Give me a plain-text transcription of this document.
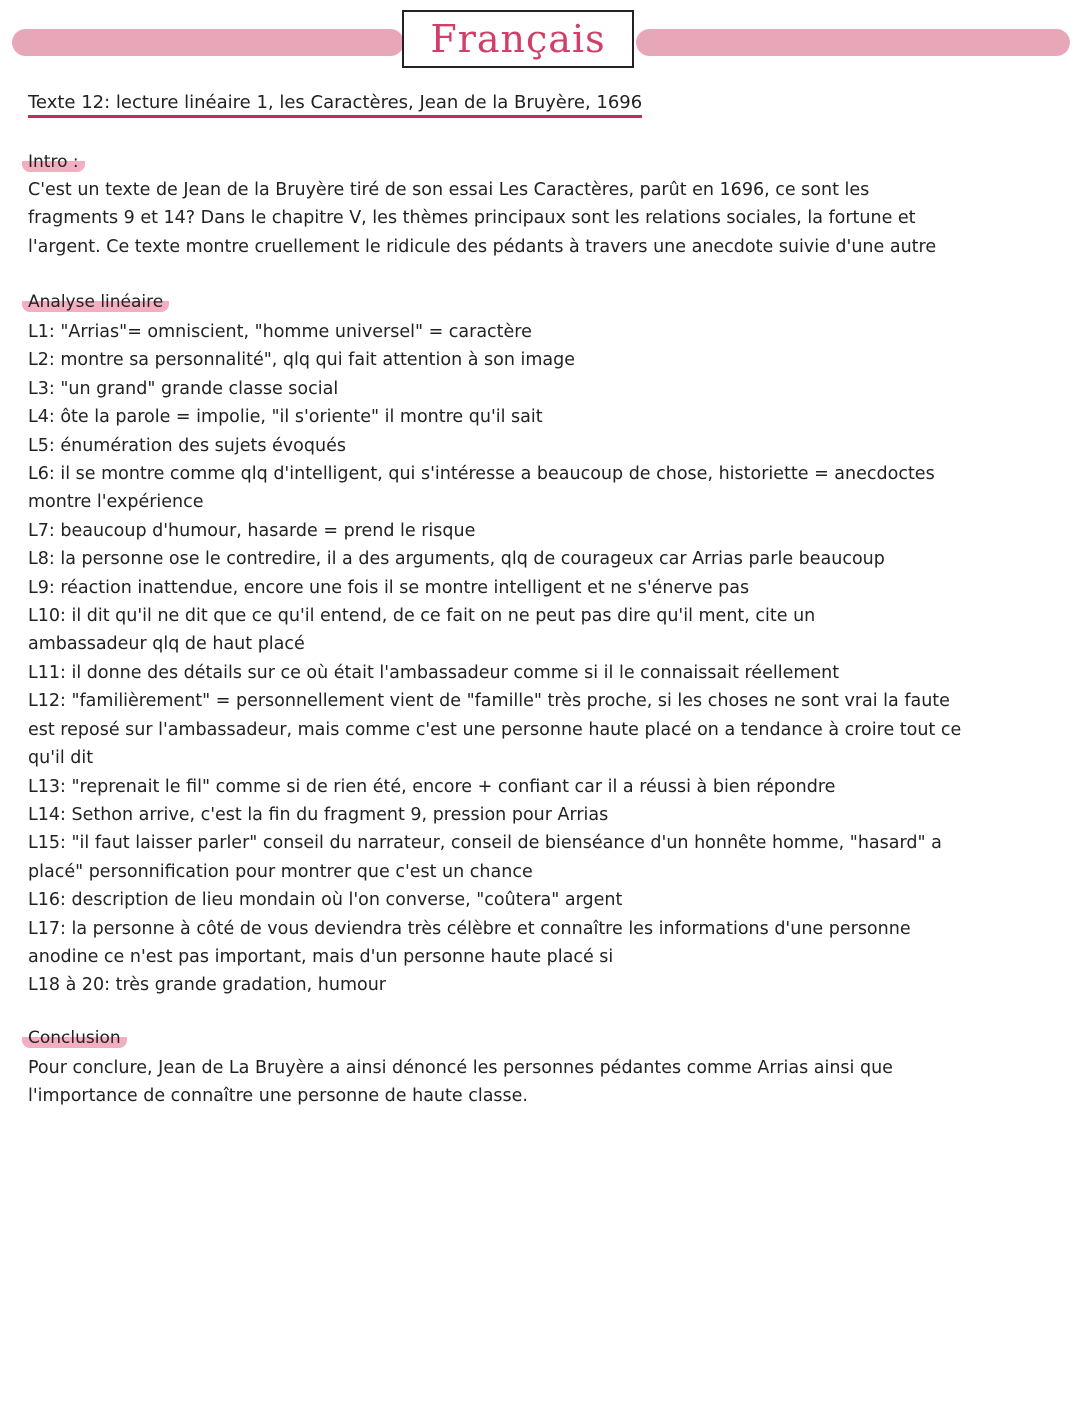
Français
Texte 12: lecture linéaire 1, les Caractères, Jean de la Bruyère, 1696
Intro :
C'est un texte de Jean de la Bruyère tiré de son essai Les Caractères, parût en 1696, ce sont les
fragments 9 et 14? Dans le chapitre V, les thèmes principaux sont les relations sociales, la fortune et
l'argent. Ce texte montre cruellement le ridicule des pédants à travers une anecdote suivie d'une autre
Analyse linéaire
L1: "Arrias"= omniscient, "homme universel" = caractère
L2: montre sa personnalité", qlq qui fait attention à son image
L3: "un grand" grande classe social
L4: ôte la parole = impolie, "il s'oriente" il montre qu'il sait
L5: énumération des sujets évoqués
L6: il se montre comme qlq d'intelligent, qui s'intéresse a beaucoup de chose, historiette = anecdoctes
montre l'expérience
L7: beaucoup d'humour, hasarde = prend le risque
L8: la personne ose le contredire, il a des arguments, qlq de courageux car Arrias parle beaucoup
L9: réaction inattendue, encore une fois il se montre intelligent et ne s'énerve pas
L10: il dit qu'il ne dit que ce qu'il entend, de ce fait on ne peut pas dire qu'il ment, cite un
ambassadeur qlq de haut placé
L11: il donne des détails sur ce où était l'ambassadeur comme si il le connaissait réellement
L12: "familièrement" = personnellement vient de "famille" très proche, si les choses ne sont vrai la faute
est reposé sur l'ambassadeur, mais comme c'est une personne haute placé on a tendance à croire tout ce
qu'il dit
L13: "reprenait le fil" comme si de rien été, encore + confiant car il a réussi à bien répondre
L14: Sethon arrive, c'est la fin du fragment 9, pression pour Arrias
L15: "il faut laisser parler" conseil du narrateur, conseil de bienséance d'un honnête homme, "hasard" a
placé" personnification pour montrer que c'est un chance
L16: description de lieu mondain où l'on converse, "coûtera" argent
L17: la personne à côté de vous deviendra très célèbre et connaître les informations d'une personne
anodine ce n'est pas important, mais d'un personne haute placé si
L18 à 20: très grande gradation, humour
Conclusion
Pour conclure, Jean de La Bruyère a ainsi dénoncé les personnes pédantes comme Arrias ainsi que
l'importance de connaître une personne de haute classe.
